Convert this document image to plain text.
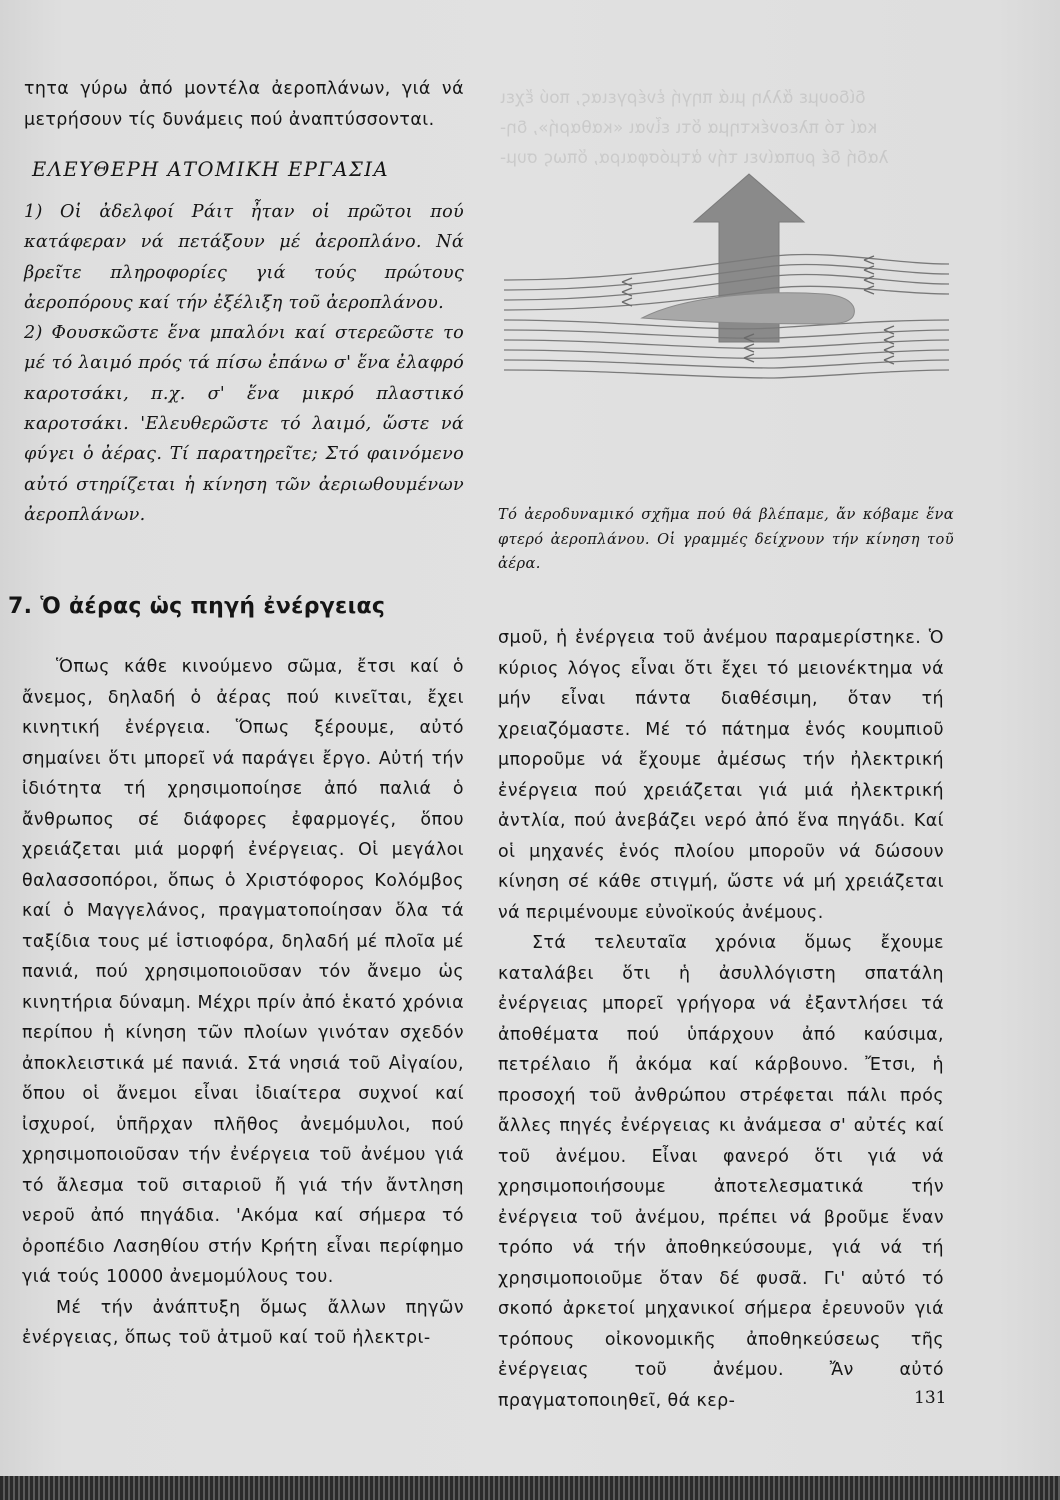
δίδουμε ἄλλη μιά πηγή ἐνέργειας, πού ἔχει
καί τό πλεονέκτημα ὅτι εἶναι «καθαρή», δη-
λαδή δέ ρυπαίνει τήν ἀτμόσφαιρα, ὅπως συμ-

τητα γύρω ἀπό μοντέλα ἀεροπλάνων, γιά νά μετρήσουν τίς δυνάμεις πού ἀναπτύσσονται.

ΕΛΕΥΘΕΡΗ ΑΤΟΜΙΚΗ ΕΡΓΑΣΙΑ

1) Οἱ ἀδελφοί Ράιτ ἦταν οἱ πρῶτοι πού κατάφεραν νά πετάξουν μέ ἀεροπλάνο. Νά βρεῖτε πληροφορίες γιά τούς πρώτους ἀεροπόρους καί τήν ἐξέλιξη τοῦ ἀεροπλάνου.

2) Φουσκῶστε ἕνα μπαλόνι καί στερεῶστε το μέ τό λαιμό πρός τά πίσω ἐπάνω σ' ἕνα ἐλαφρό καροτσάκι, π.χ. σ' ἕνα μικρό πλαστικό καροτσάκι. 'Ελευθερῶστε τό λαιμό, ὥστε νά φύγει ὁ ἀέρας. Τί παρατηρεῖτε; Στό φαινόμενο αὐτό στηρίζεται ἡ κίνηση τῶν ἀεριωθουμένων ἀεροπλάνων.	Τό ἀεροδυναμικό σχῆμα πού θά βλέπαμε, ἄν κόβαμε ἕνα φτερό ἀεροπλάνου. Οἱ γραμμές δείχνουν τήν κίνηση τοῦ ἀέρα.

7. Ὁ ἀέρας ὡς πηγή ἐνέργειας

Ὅπως κάθε κινούμενο σῶμα, ἔτσι καί ὁ ἄνεμος, δηλαδή ὁ ἀέρας πού κινεῖται, ἔχει κινητική ἐνέργεια. Ὅπως ξέρουμε, αὐτό σημαίνει ὅτι μπορεῖ νά παράγει ἔργο. Αὐτή τήν ἰδιότητα τή χρησιμοποίησε ἀπό παλιά ὁ ἄνθρωπος σέ διάφορες ἐφαρμογές, ὅπου χρειάζεται μιά μορφή ἐνέργειας. Οἱ μεγάλοι θαλασσοπόροι, ὅπως ὁ Χριστόφορος Κολόμβος καί ὁ Μαγγελάνος, πραγματοποίησαν ὅλα τά ταξίδια τους μέ ἱστιοφόρα, δηλαδή μέ πλοῖα μέ πανιά, πού χρησιμοποιοῦσαν τόν ἄνεμο ὡς κινητήρια δύναμη. Μέχρι πρίν ἀπό ἑκατό χρόνια περίπου ἡ κίνηση τῶν πλοίων γινόταν σχεδόν ἀποκλειστικά μέ πανιά. Στά νησιά τοῦ Αἰγαίου, ὅπου οἱ ἄνεμοι εἶναι ἰδιαίτερα συχνοί καί ἰσχυροί, ὑπῆρχαν πλῆθος ἀνεμόμυλοι, πού χρησιμοποιοῦσαν τήν ἐνέργεια τοῦ ἀνέμου γιά τό ἄλεσμα τοῦ σιταριοῦ ἤ γιά τήν ἄντληση νεροῦ ἀπό πηγάδια. 'Ακόμα καί σήμερα τό ὀροπέδιο Λασηθίου στήν Κρήτη εἶναι περίφημο γιά τούς 10000 ἀνεμομύλους του.

Μέ τήν ἀνάπτυξη ὅμως ἄλλων πηγῶν ἐνέργειας, ὅπως τοῦ ἀτμοῦ καί τοῦ ἠλεκτρι-

σμοῦ, ἡ ἐνέργεια τοῦ ἀνέμου παραμερίστηκε. Ὁ κύριος λόγος εἶναι ὅτι ἔχει τό μειονέκτημα νά μήν εἶναι πάντα διαθέσιμη, ὅταν τή χρειαζόμαστε. Μέ τό πάτημα ἑνός κουμπιοῦ μποροῦμε νά ἔχουμε ἀμέσως τήν ἠλεκτρική ἐνέργεια πού χρειάζεται γιά μιά ἠλεκτρική ἀντλία, πού ἀνεβάζει νερό ἀπό ἕνα πηγάδι. Καί οἱ μηχανές ἑνός πλοίου μποροῦν νά δώσουν κίνηση σέ κάθε στιγμή, ὥστε νά μή χρειάζεται νά περιμένουμε εὐνοϊκούς ἀνέμους.

Στά τελευταῖα χρόνια ὅμως ἔχουμε καταλάβει ὅτι ἡ ἀσυλλόγιστη σπατάλη ἐνέργειας μπορεῖ γρήγορα νά ἐξαντλήσει τά ἀποθέματα πού ὑπάρχουν ἀπό καύσιμα, πετρέλαιο ἤ ἀκόμα καί κάρβουνο. Ἔτσι, ἡ προσοχή τοῦ ἀνθρώπου στρέφεται πάλι πρός ἄλλες πηγές ἐνέργειας κι ἀνάμεσα σ' αὐτές καί τοῦ ἀνέμου. Εἶναι φανερό ὅτι γιά νά χρησιμοποιήσουμε ἀποτελεσματικά τήν ἐνέργεια τοῦ ἀνέμου, πρέπει νά βροῦμε ἕναν τρόπο νά τήν ἀποθηκεύσουμε, γιά νά τή χρησιμοποιοῦμε ὅταν δέ φυσᾶ. Γι' αὐτό τό σκοπό ἀρκετοί μηχανικοί σήμερα ἐρευνοῦν γιά τρόπους οἰκονομικῆς ἀποθηκεύσεως τῆς ἐνέργειας τοῦ ἀνέμου. Ἄν αὐτό πραγματοποιηθεῖ, θά κερ-	131
